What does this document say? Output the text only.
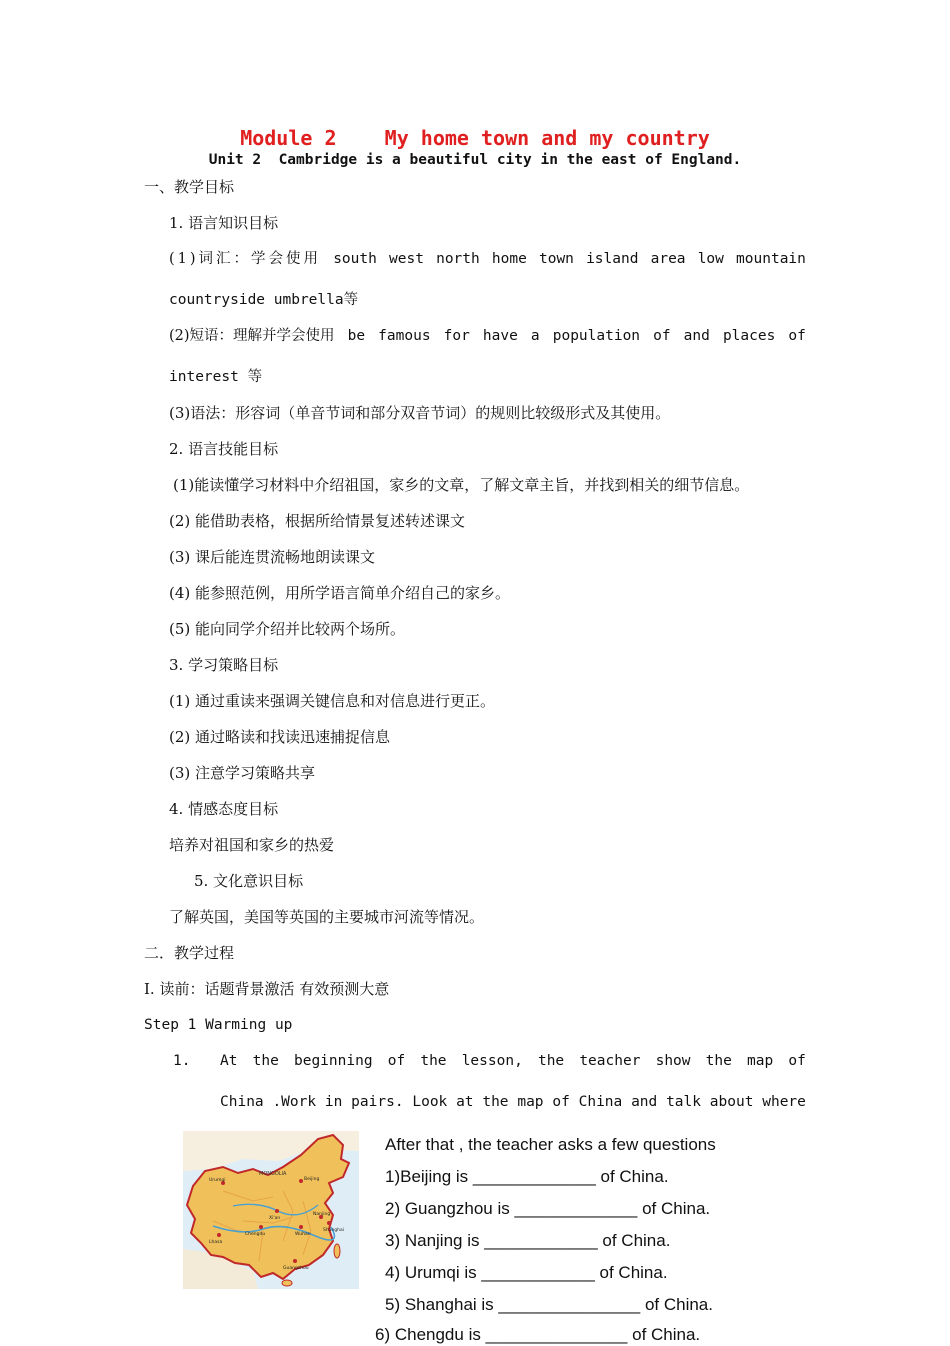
Module 2    My home town and my country
Unit 2  Cambridge is a beautiful city in the east of England.
一、教学目标
1. 语言知识目标
(1)词汇：学会使用 south west north home town island area low mountain
countryside umbrella等
(2)短语：理解并学会使用 be famous for have a population of and places of
interest 等
(3)语法：形容词（单音节词和部分双音节词）的规则比较级形式及其使用。
2. 语言技能目标
(1)能读懂学习材料中介绍祖国，家乡的文章，了解文章主旨，并找到相关的细节信息。
(2) 能借助表格，根据所给情景复述转述课文
(3) 课后能连贯流畅地朗读课文
(4) 能参照范例，用所学语言简单介绍自己的家乡。
(5) 能向同学介绍并比较两个场所。
3. 学习策略目标
(1) 通过重读来强调关键信息和对信息进行更正。
(2) 通过略读和找读迅速捕捉信息
(3) 注意学习策略共享
4. 情感态度目标
培养对祖国和家乡的热爱
5. 文化意识目标
了解英国，美国等英国的主要城市河流等情况。
二．教学过程
I. 读前：话题背景激活 有效预测大意
Step 1 Warming up
1. At the beginning of the lesson, the teacher show the map of
China .Work in pairs. Look at the map of China and talk about where
MONGOLIA
Beijing
Urumqi
Lhasa
Chengdu
Shanghai
Guangzhou
Xi'an
Wuhan
Nanjing
After that , the teacher asks a few questions
1)Beijing is _____________ of China.
2) Guangzhou is _____________ of China.
3) Nanjing is ____________ of China.
4) Urumqi is ____________ of China.
5) Shanghai is _______________ of China.
6) Chengdu is _______________ of China.
